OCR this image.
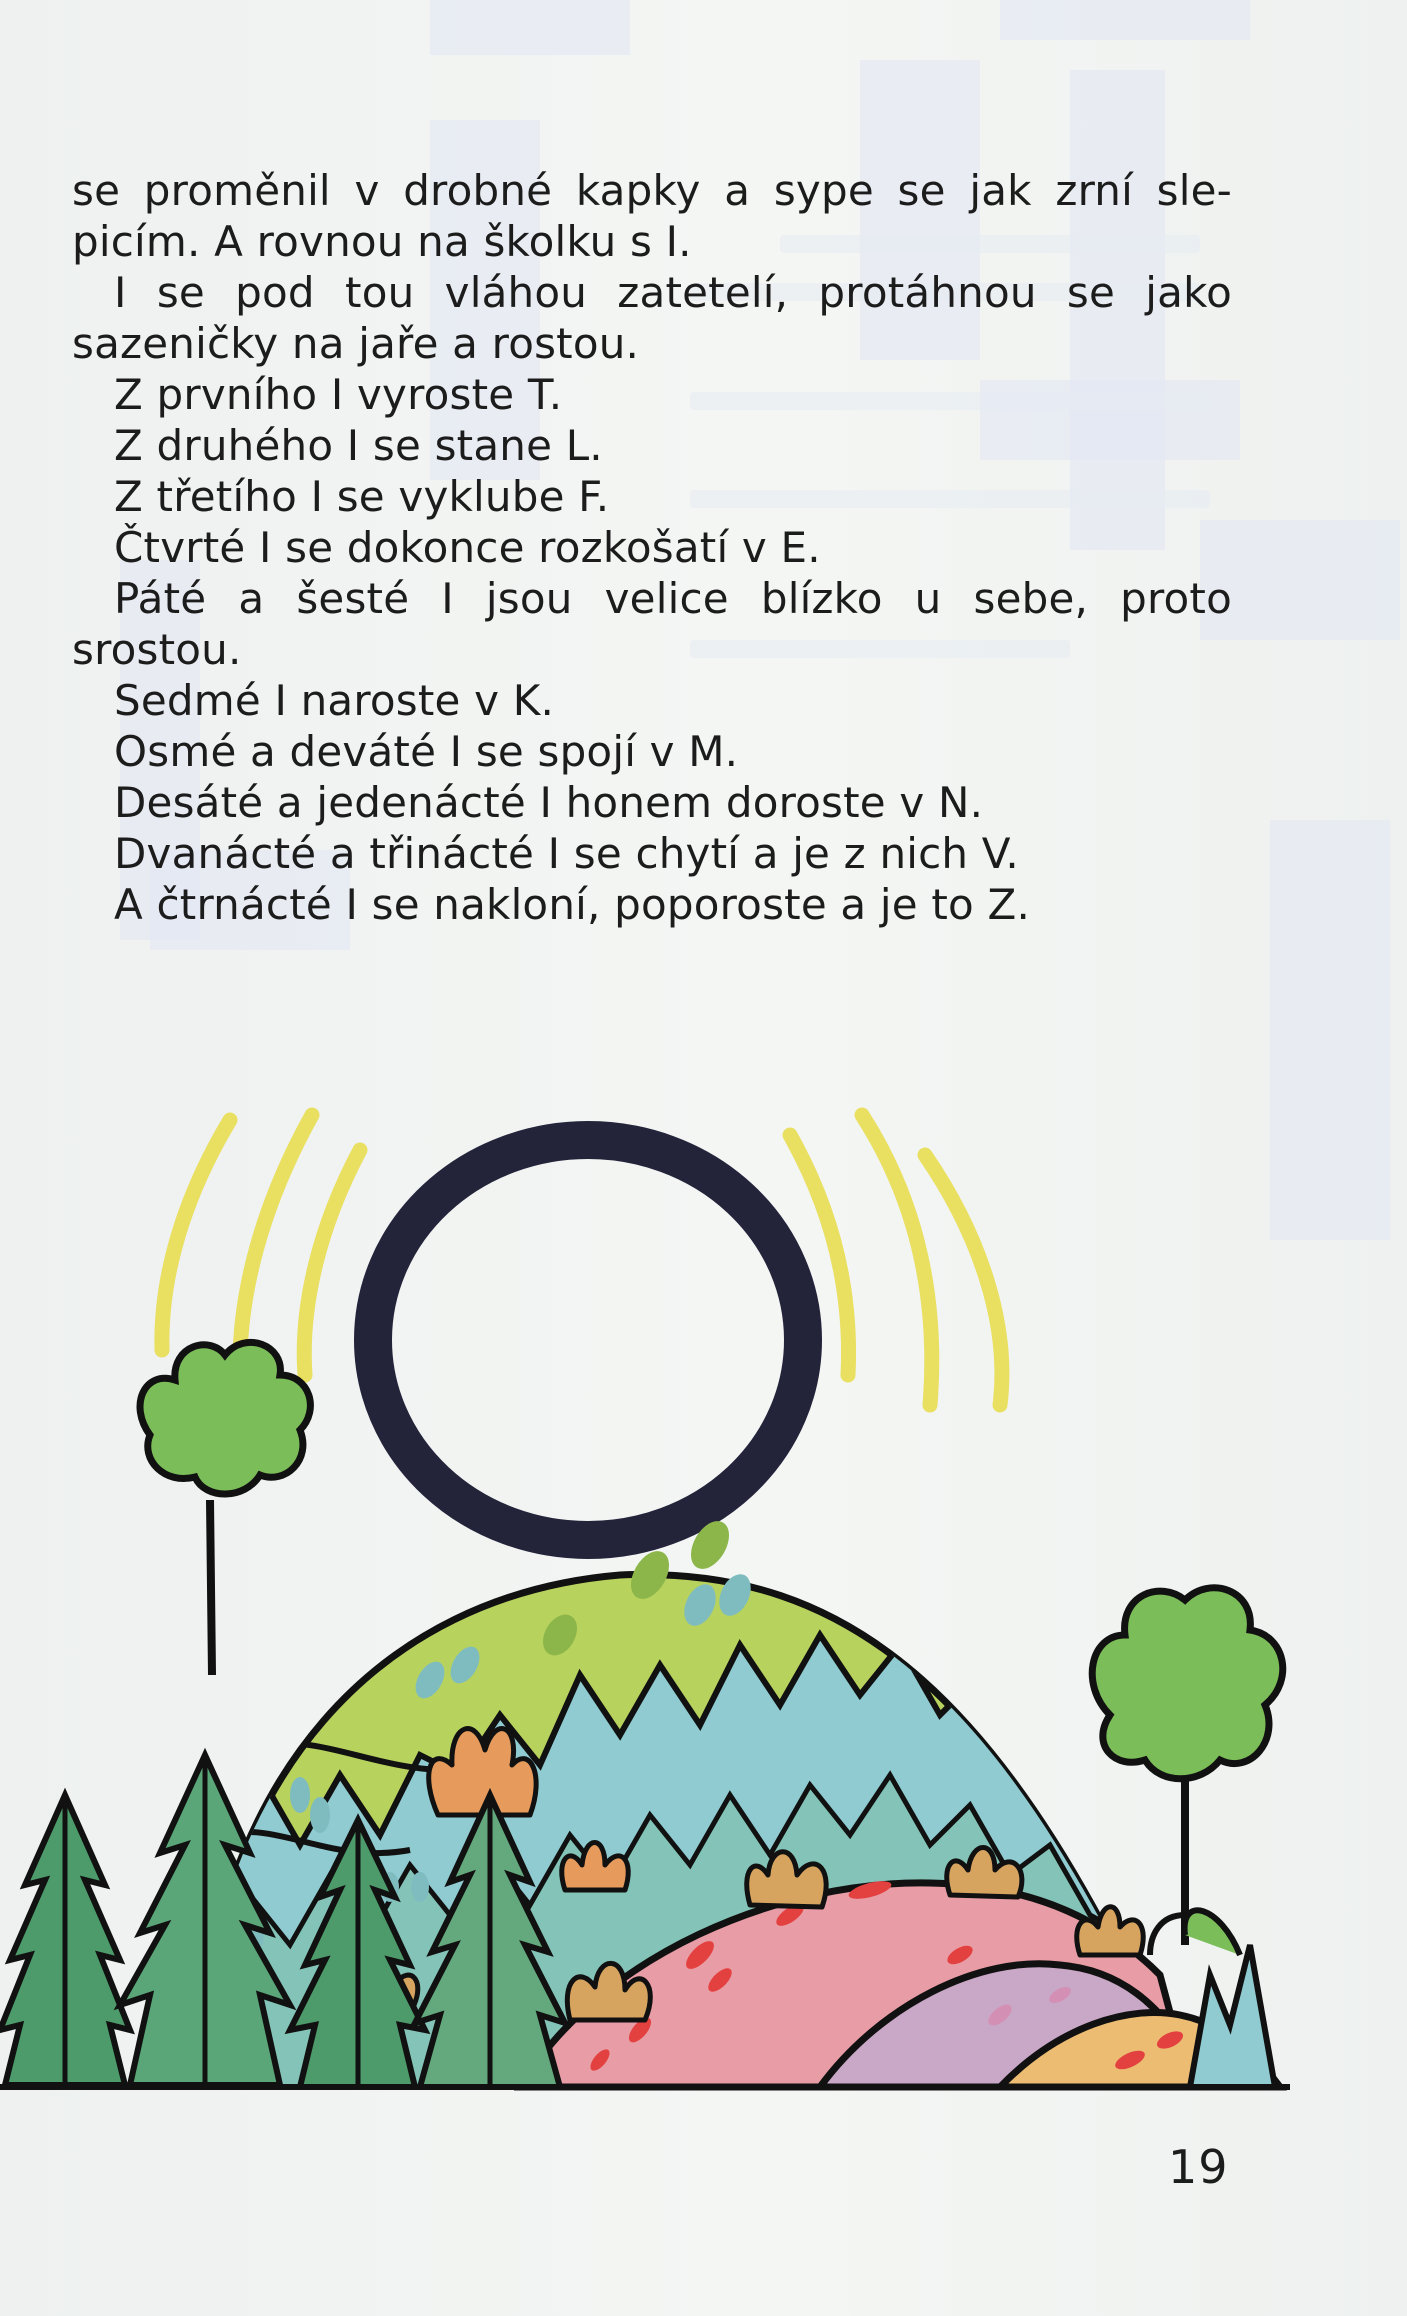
se proměnil v drobné kapky a sype se jak zrní sle-
picím. A rovnou na školku s I.
I se pod tou vláhou zatetelí, protáhnou se jako
sazeničky na jaře a rostou.
Z prvního I vyroste T.
Z druhého I se stane L.
Z třetího I se vyklube F.
Čtvrté I se dokonce rozkošatí v E.
Páté a šesté I jsou velice blízko u sebe, proto
srostou.
Sedmé I naroste v K.
Osmé a deváté I se spojí v M.
Desáté a jedenácté I honem doroste v N.
Dvanácté a třinácté I se chytí a je z nich V.
A čtrnácté I se nakloní, poporoste a je to Z.
19
